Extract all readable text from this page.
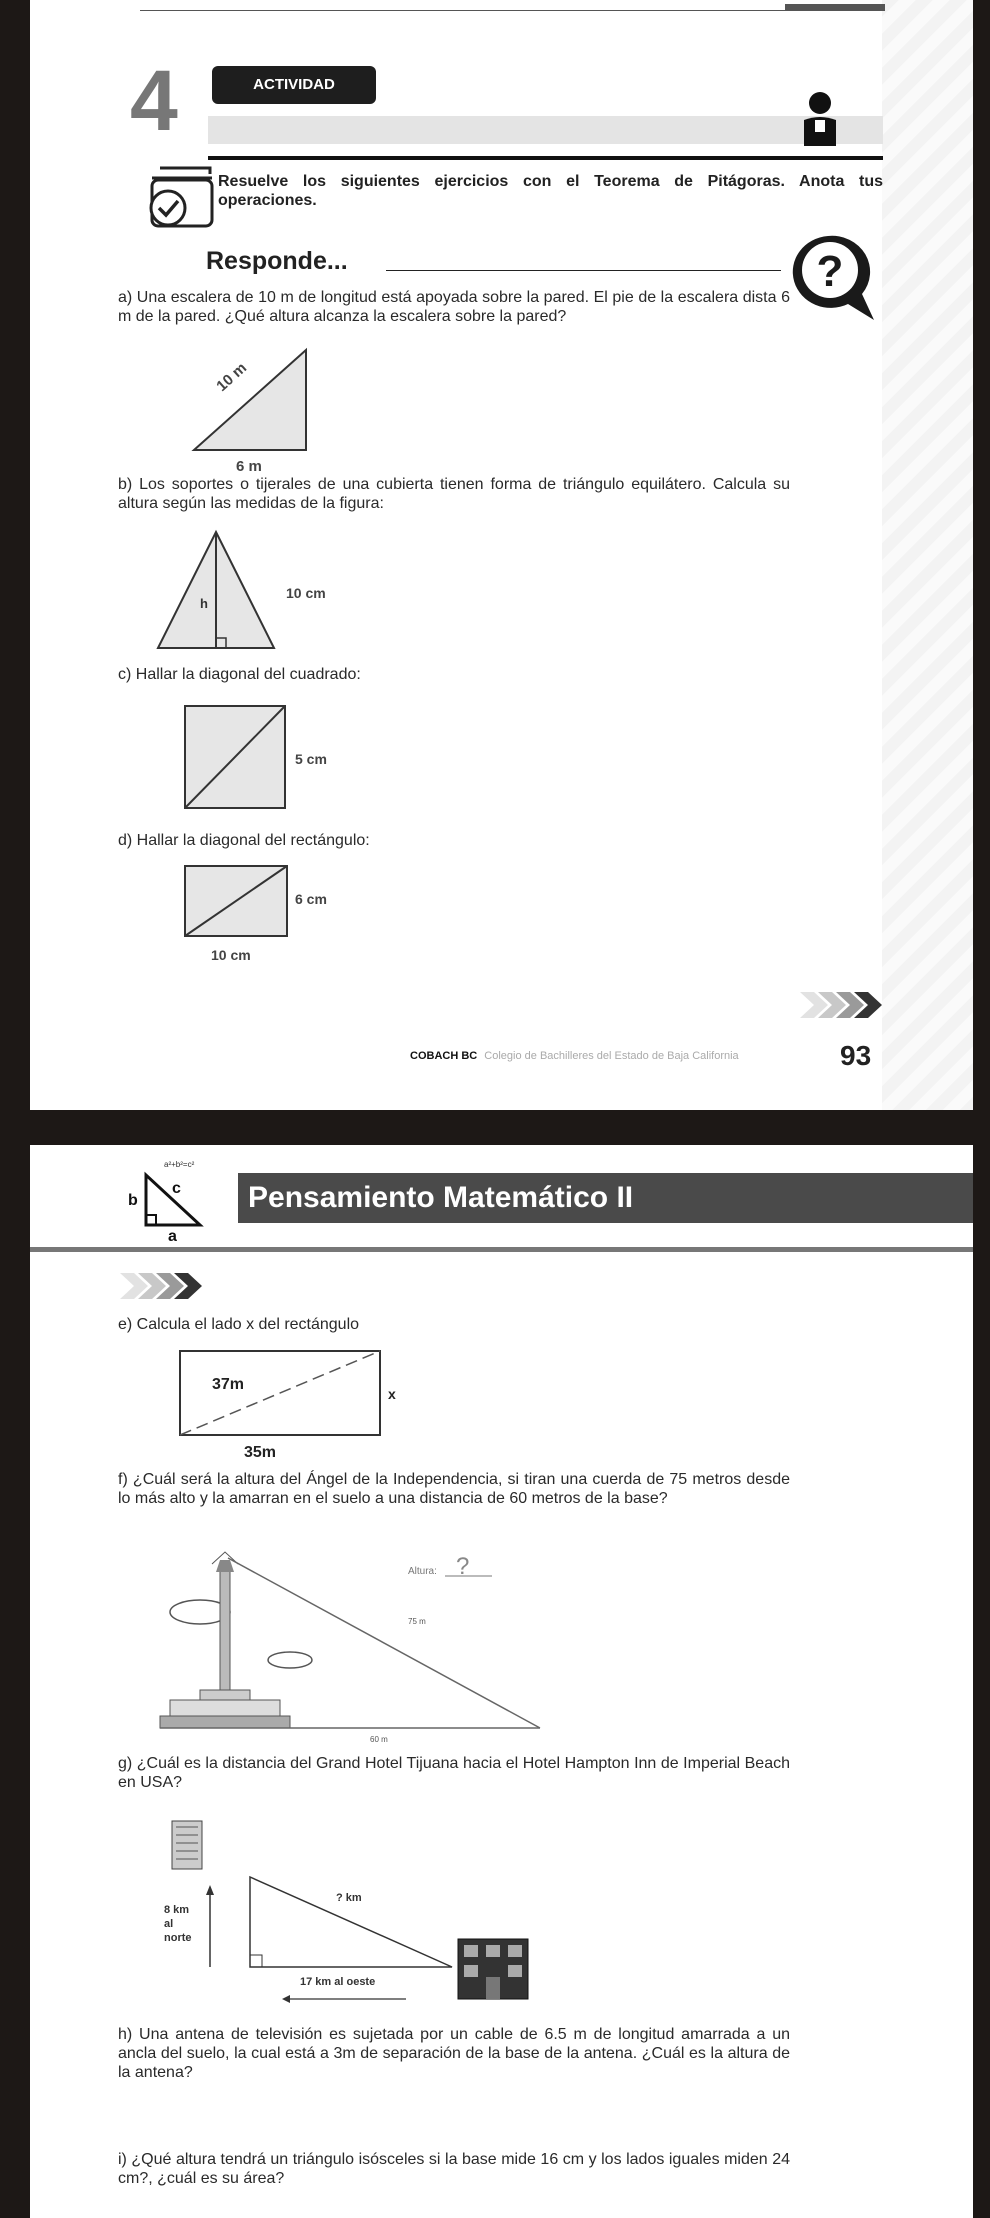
4	ACTIVIDAD
Resuelve los siguientes ejercicios con el Teorema de Pitágoras. Anota tus operaciones.
Responde...	?
a) Una escalera de 10 m de longitud está apoyada sobre la pared. El pie de la escalera dista 6 m de la pared. ¿Qué altura alcanza la escalera sobre la pared?
10 m
6 m
b) Los soportes o tijerales de una cubierta tienen forma de triángulo equilátero. Calcula su altura según las medidas de la figura:
h
10 cm
c) Hallar la diagonal del cuadrado:
5 cm
d) Hallar la diagonal del rectángulo:
6 cm
10 cm
COBACH BC Colegio de Bachilleres del Estado de Baja California	93
a²+b²=c²
c
b
a
Pensamiento Matemático II
e) Calcula el lado x del rectángulo
37m
x
35m
f) ¿Cuál será la altura del Ángel de la Independencia, si tiran una cuerda de 75 metros desde lo más alto y la amarran en el suelo a una distancia de 60 metros de la base?
Altura: ?
75 m
60 m
g) ¿Cuál es la distancia del Grand Hotel Tijuana hacia el Hotel Hampton Inn de Imperial Beach en USA?
8 km
al
norte
? km
17 km al oeste
h) Una antena de televisión es sujetada por un cable de 6.5 m de longitud amarrada a un ancla del suelo, la cual está a 3m de separación de la base de la antena. ¿Cuál es la altura de la antena?
i) ¿Qué altura tendrá un triángulo isósceles si la base mide 16 cm y los lados iguales miden 24 cm?, ¿cuál es su área?
